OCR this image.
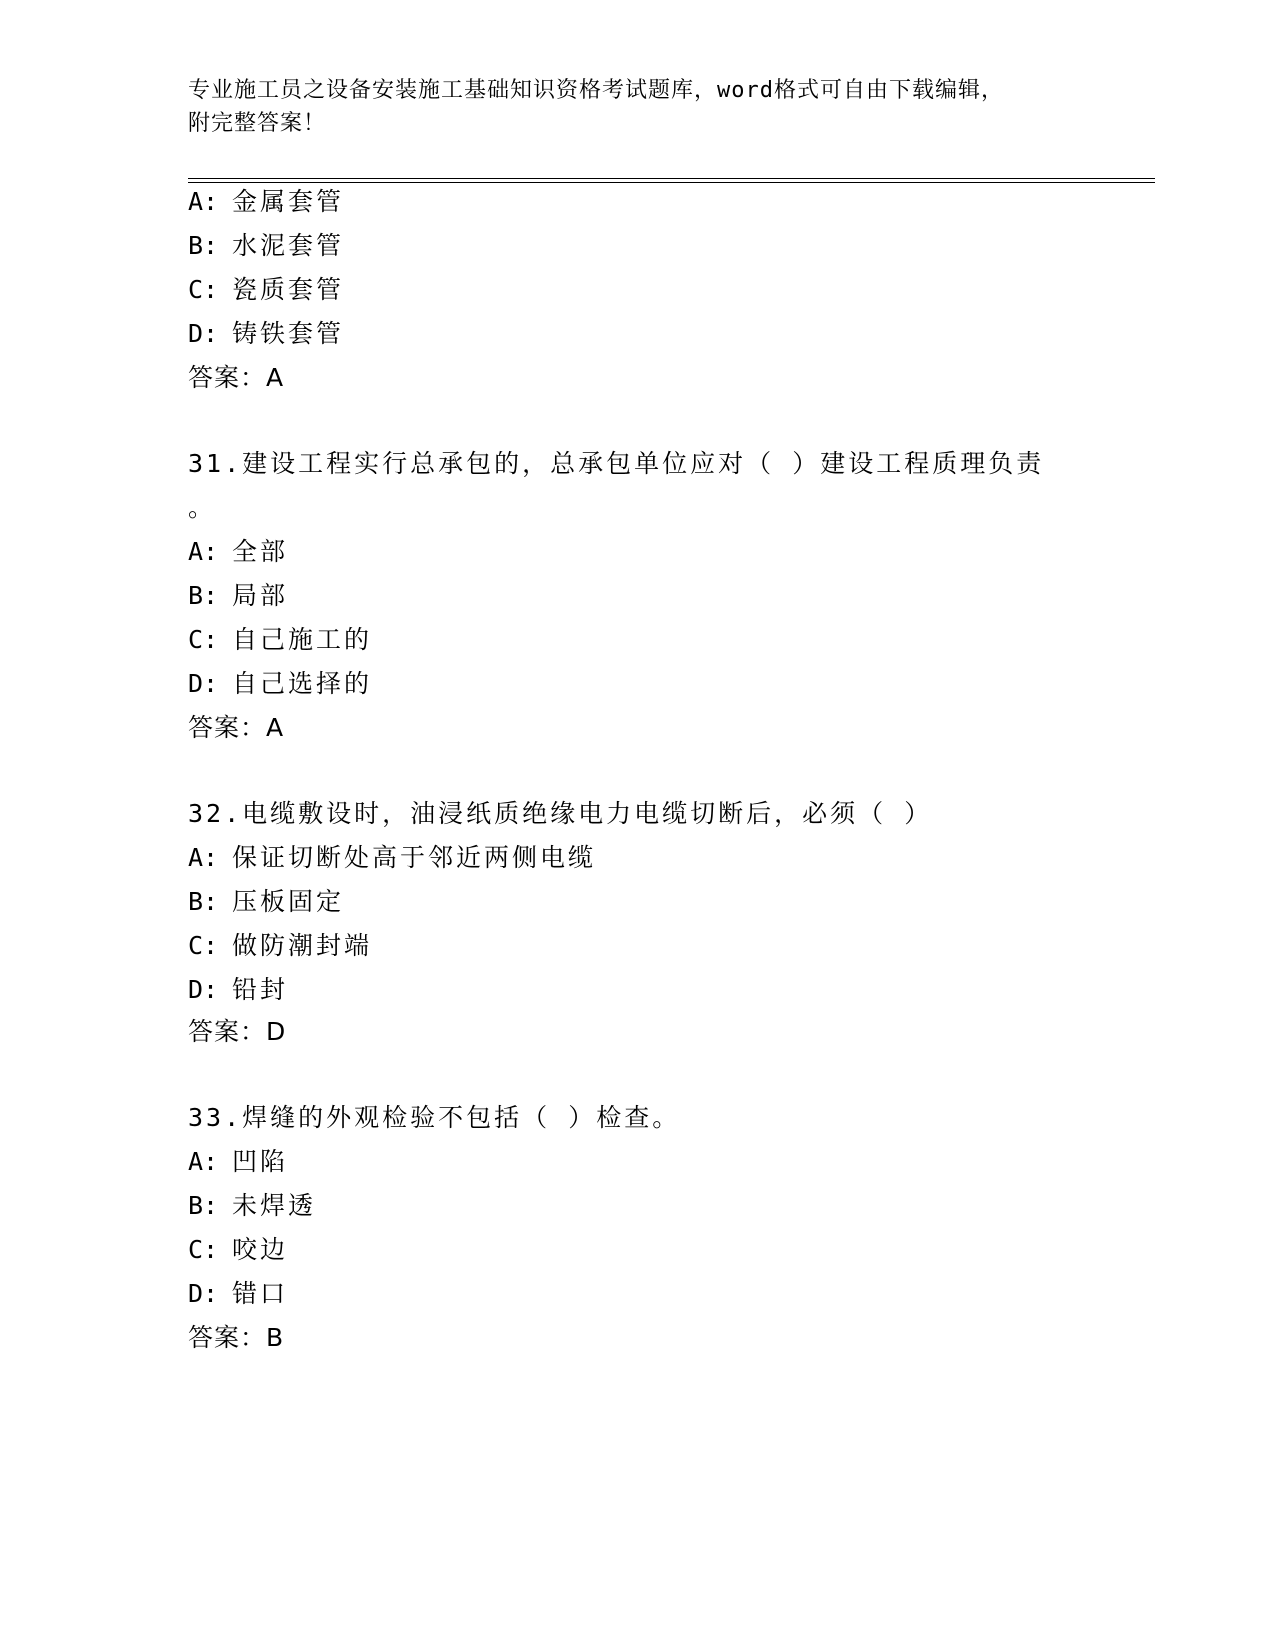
专业施工员之设备安装施工基础知识资格考试题库，word格式可自由下载编辑，
附完整答案！
A: 金属套管
B: 水泥套管
C: 瓷质套管
D: 铸铁套管
答案：A
31.建设工程实行总承包的，总承包单位应对（ ）建设工程质理负责
。
A: 全部
B: 局部
C: 自己施工的
D: 自己选择的
答案：A
32.电缆敷设时，油浸纸质绝缘电力电缆切断后，必须（ ）
A: 保证切断处高于邻近两侧电缆
B: 压板固定
C: 做防潮封端
D: 铅封
答案：D
33.焊缝的外观检验不包括（ ）检查。
A: 凹陷
B: 未焊透
C: 咬边
D: 错口
答案：B
